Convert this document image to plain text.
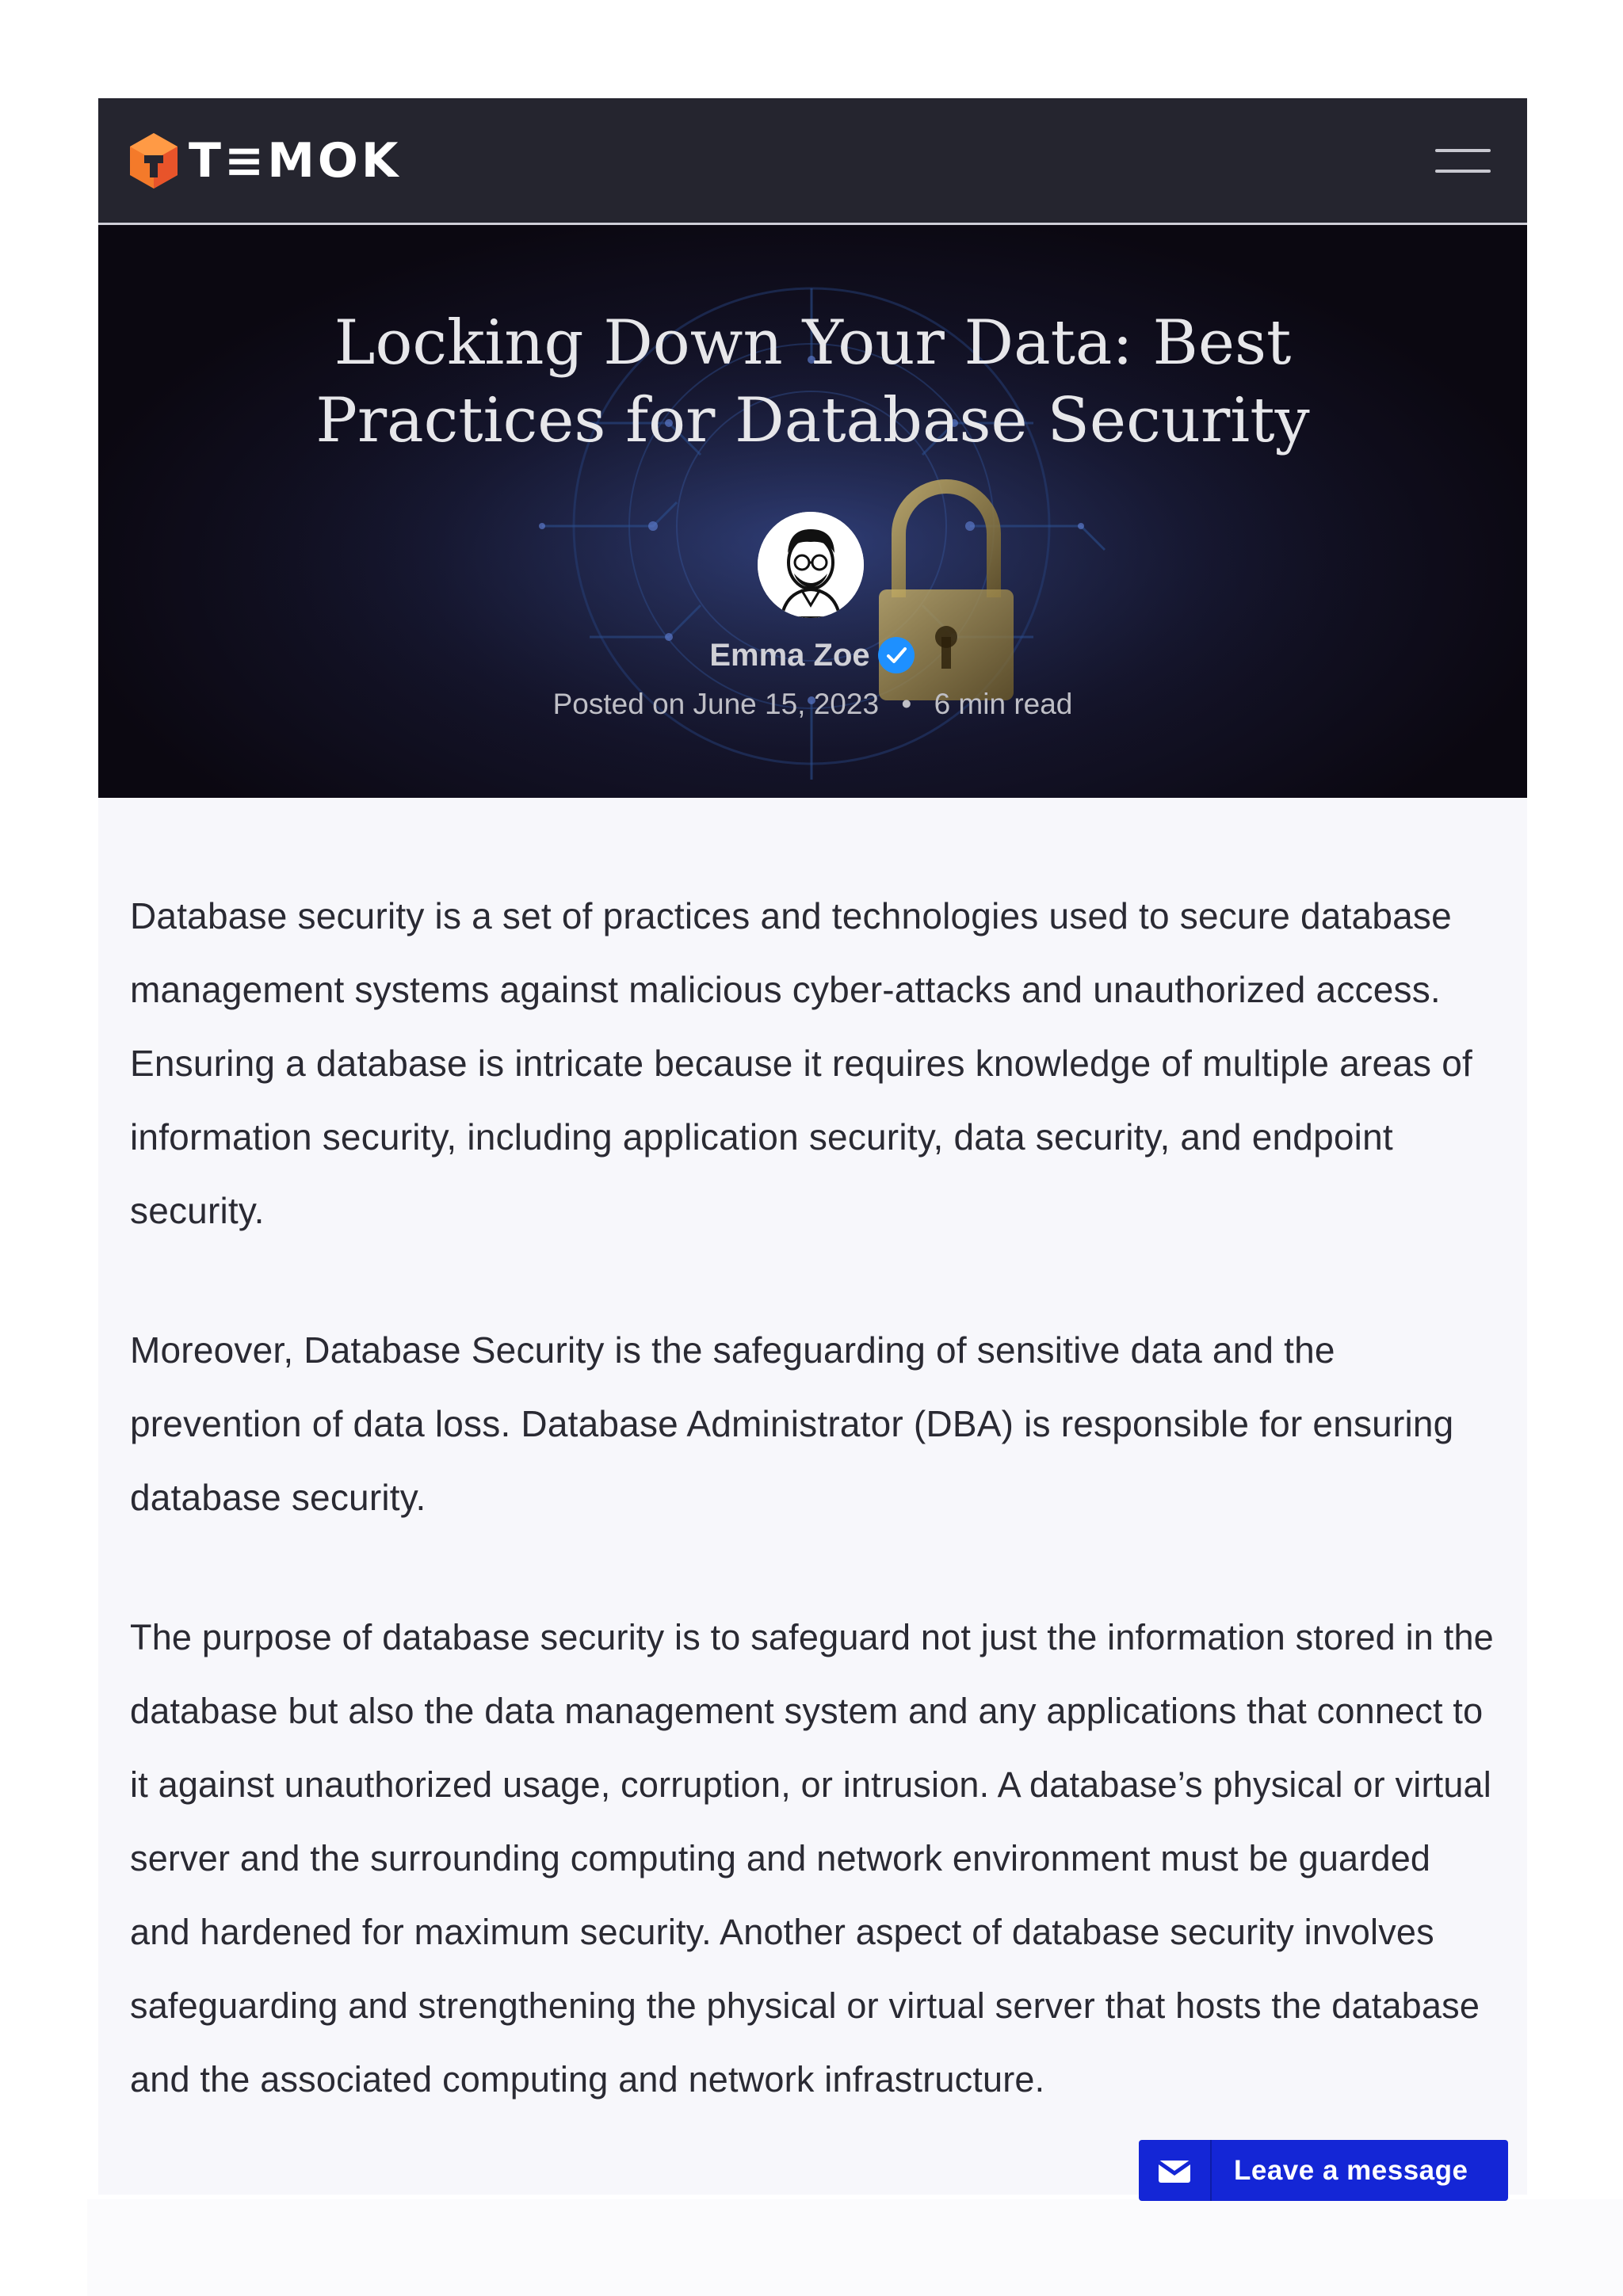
T≡MOK
Locking Down Your Data: Best Practices for Database Security
Emma Zoe
Posted on June 15, 2023 • 6 min read

Database security is a set of practices and technologies used to secure database management systems against malicious cyber-attacks and unauthorized access. Ensuring a database is intricate because it requires knowledge of multiple areas of information security, including application security, data security, and endpoint security.

Moreover, Database Security is the safeguarding of sensitive data and the prevention of data loss. Database Administrator (DBA) is responsible for ensuring database security.

The purpose of database security is to safeguard not just the information stored in the database but also the data management system and any applications that connect to it against unauthorized usage, corruption, or intrusion. A database’s physical or virtual server and the surrounding computing and network environment must be guarded and hardened for maximum security. Another aspect of database security involves safeguarding and strengthening the physical or virtual server that hosts the database and the associated computing and network infrastructure.

Leave a message
